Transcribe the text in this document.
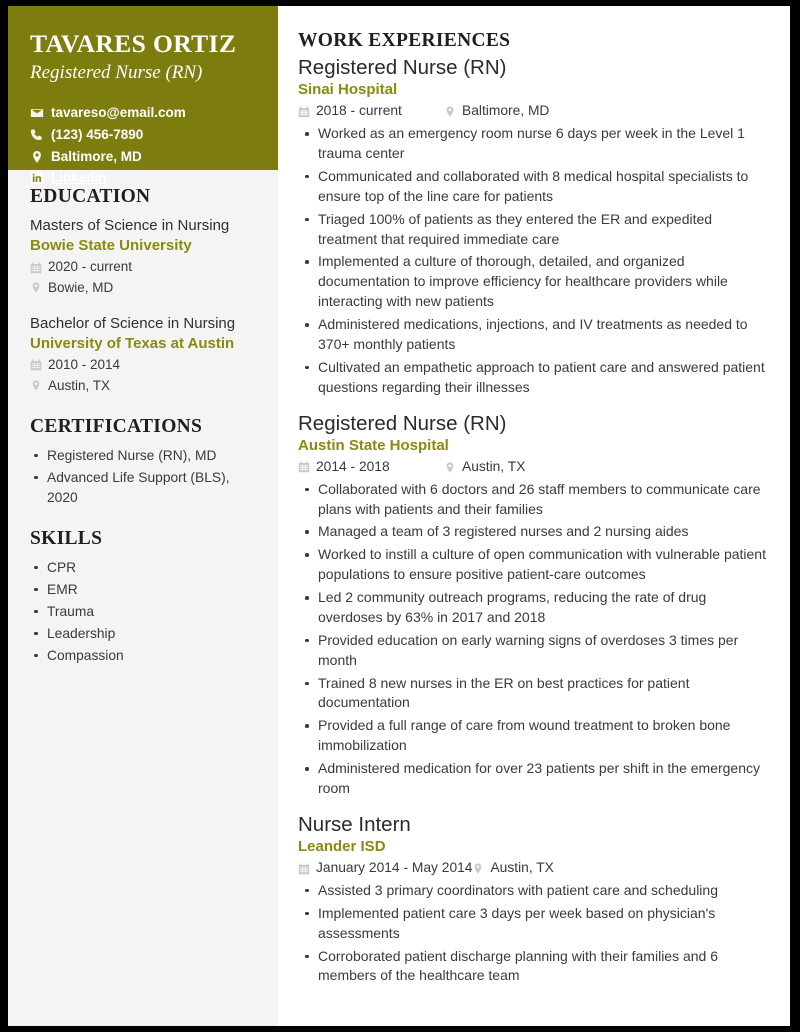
TAVARES ORTIZ
Registered Nurse (RN)
tavareso@email.com
(123) 456-7890
Baltimore, MD
LinkedIn
EDUCATION
Masters of Science in Nursing
Bowie State University
2020 - current
Bowie, MD
Bachelor of Science in Nursing
University of Texas at Austin
2010 - 2014
Austin, TX
CERTIFICATIONS
Registered Nurse (RN), MD
Advanced Life Support (BLS), 2020
SKILLS
CPR
EMR
Trauma
Leadership
Compassion
WORK EXPERIENCES
Registered Nurse (RN)
Sinai Hospital
2018 - current	Baltimore, MD
Worked as an emergency room nurse 6 days per week in the Level 1 trauma center
Communicated and collaborated with 8 medical hospital specialists to ensure top of the line care for patients
Triaged 100% of patients as they entered the ER and expedited treatment that required immediate care
Implemented a culture of thorough, detailed, and organized documentation to improve efficiency for healthcare providers while interacting with new patients
Administered medications, injections, and IV treatments as needed to 370+ monthly patients
Cultivated an empathetic approach to patient care and answered patient questions regarding their illnesses
Registered Nurse (RN)
Austin State Hospital
2014 - 2018	Austin, TX
Collaborated with 6 doctors and 26 staff members to communicate care plans with patients and their families
Managed a team of 3 registered nurses and 2 nursing aides
Worked to instill a culture of open communication with vulnerable patient populations to ensure positive patient-care outcomes
Led 2 community outreach programs, reducing the rate of drug overdoses by 63% in 2017 and 2018
Provided education on early warning signs of overdoses 3 times per month
Trained 8 new nurses in the ER on best practices for patient documentation
Provided a full range of care from wound treatment to broken bone immobilization
Administered medication for over 23 patients per shift in the emergency room
Nurse Intern
Leander ISD
January 2014 - May 2014 Austin, TX
Assisted 3 primary coordinators with patient care and scheduling
Implemented patient care 3 days per week based on physician's assessments
Corroborated patient discharge planning with their families and 6 members of the healthcare team
